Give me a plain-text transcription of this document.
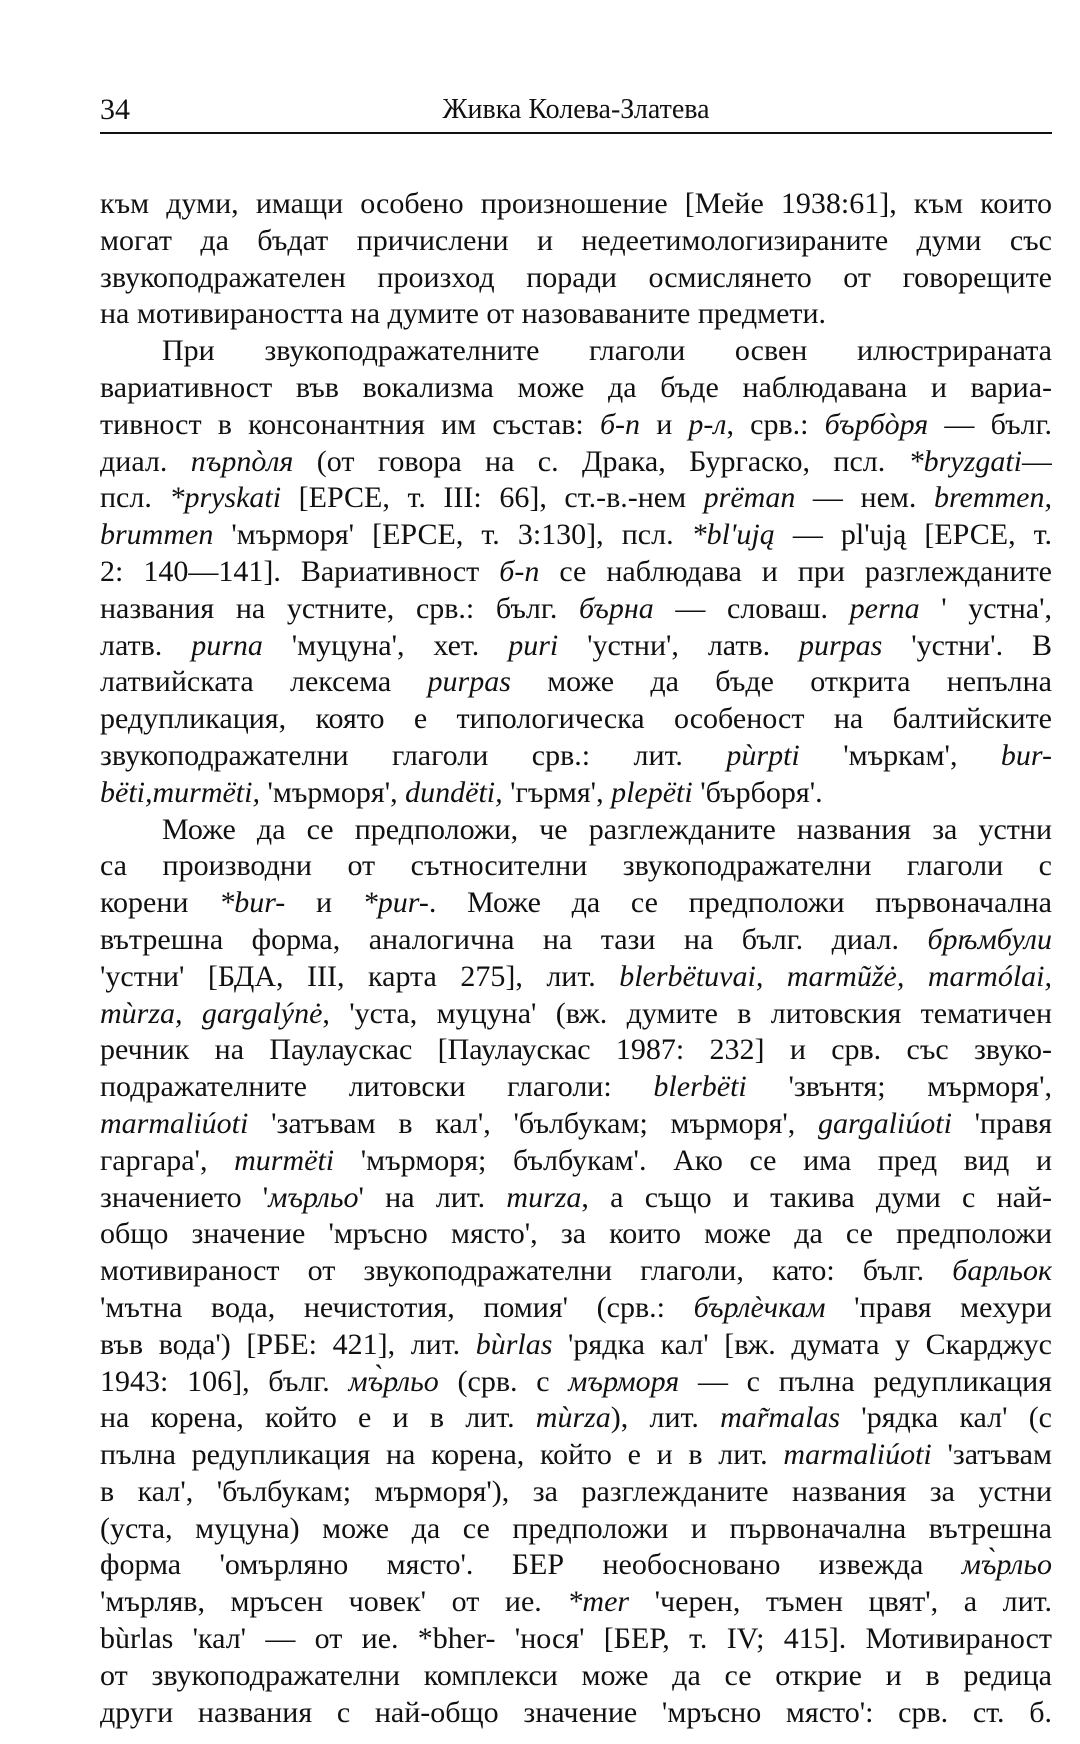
34	Живка Колева-Златева
към думи, имащи особено произношение [Мейе 1938:61], към които
могат да бъдат причислени и недеетимологизираните думи със
звукоподражателен произход поради осмислянето от говорещите
на мотивираността на думите от назоваваните предмети.
При звукоподражателните глаголи освен илюстрираната
вариативност във вокализма може да бъде наблюдавана и вариа-
тивност в консонантния им състав: б-п и р-л, срв.: бърбòря — бълг.
диал. пърпòля (от говора на с. Драка, Бургаско, псл. *bryzgati—
псл. *pryskati [ЕРСЕ, т. III: 66], ст.-в.-нем prёman — нем. bremmen,
brummen 'мърморя' [ЕРСЕ, т. 3:130], псл. *bl'ują — pl'ują [ЕРСЕ, т.
2: 140—141]. Вариативност б-п се наблюдава и при разглежданите
названия на устните, срв.: бълг. бърна — словаш. perna ' устна',
латв. purna 'муцуна', хет. puri 'устни', латв. purpas 'устни'. В
латвийската лексема purpas може да бъде открита непълна
редупликация, която е типологическа особеност на балтийските
звукоподражателни глаголи срв.: лит. pùrpti 'мъркам', bur-
bёti,murmёti, 'мърморя', dundёti, 'гърмя', plepёti 'бърборя'.
Може да се предположи, че разглежданите названия за устни
са производни от сътносителни звукоподражателни глаголи с
корени *bur- и *pur-. Може да се предположи първоначална
вътрешна форма, аналогична на тази на бълг. диал. брѣмбули
'устни' [БДА, III, карта 275], лит. blerbёtuvai, marmũžė, marmólai,
mùrza, gargalýnė, 'уста, муцуна' (вж. думите в литовския тематичен
речник на Паулаускас [Паулаускас 1987: 232] и срв. със звуко-
подражателните литовски глаголи: blerbёti 'звънтя; мърморя',
marmaliúoti 'затъвам в кал', 'бълбукам; мърморя', gargaliúoti 'правя
гаргара', murmёti 'мърморя; бълбукам'. Ако се има пред вид и
значението 'мърльо' на лит. murza, а също и такива думи с най-
общо значение 'мръсно място', за които може да се предположи
мотивираност от звукоподражателни глаголи, като: бълг. барльок
'мътна вода, нечистотия, помия' (срв.: бърлѐчкам 'правя мехури
във вода') [РБЕ: 421], лит. bùrlas 'рядка кал' [вж. думата у Скарджус
1943: 106], бълг. мъ̀рльо (срв. с мърморя — с пълна редупликация
на корена, който е и в лит. mùrza), лит. mar̃malas 'рядка кал' (с
пълна редупликация на корена, който е и в лит. marmaliúoti 'затъвам
в кал', 'бълбукам; мърморя'), за разглежданите названия за устни
(уста, муцуна) може да се предположи и първоначална вътрешна
форма 'омърляно място'. БЕР необосновано извежда мъ̀рльо
'мърляв, мръсен човек' от ие. *mer 'черен, тъмен цвят', а лит.
bùrlas 'кал' — от ие. *bher- 'нося' [БЕР, т. IV; 415]. Мотивираност
от звукоподражателни комплекси може да се открие и в редица
други названия с най-общо значение 'мръсно място': срв. ст. б.
